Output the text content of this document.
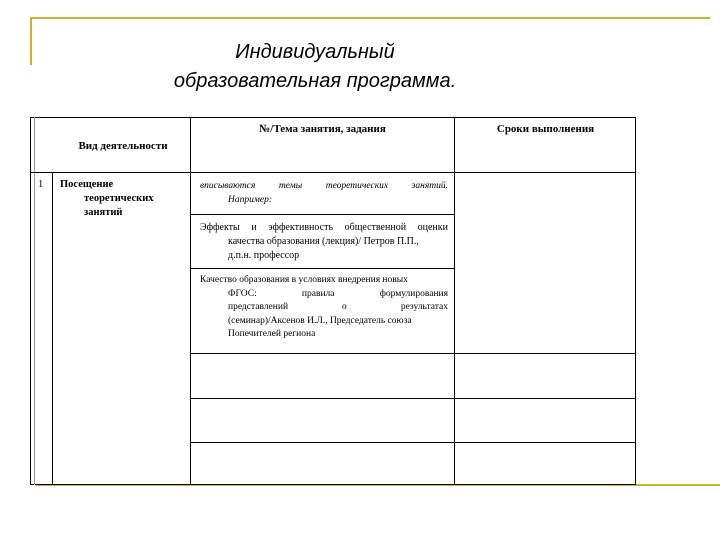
Индивидуальный
образовательная программа.
Вид деятельности
№/Тема занятия, задания	Сроки выполнения
1 Посещение
теоретических
занятий
вписываются темы теоретических занятий.
Например:
Эффекты и эффективность общественной оценки
качества образования (лекция)/ Петров П.П.,
д.п.н. профессор
Качество образования в условиях внедрения новых
ФГОС: правила формулирования
представлений о результатах
(семинар)/Аксенов И.Л., Председатель союза
Попечителей региона
